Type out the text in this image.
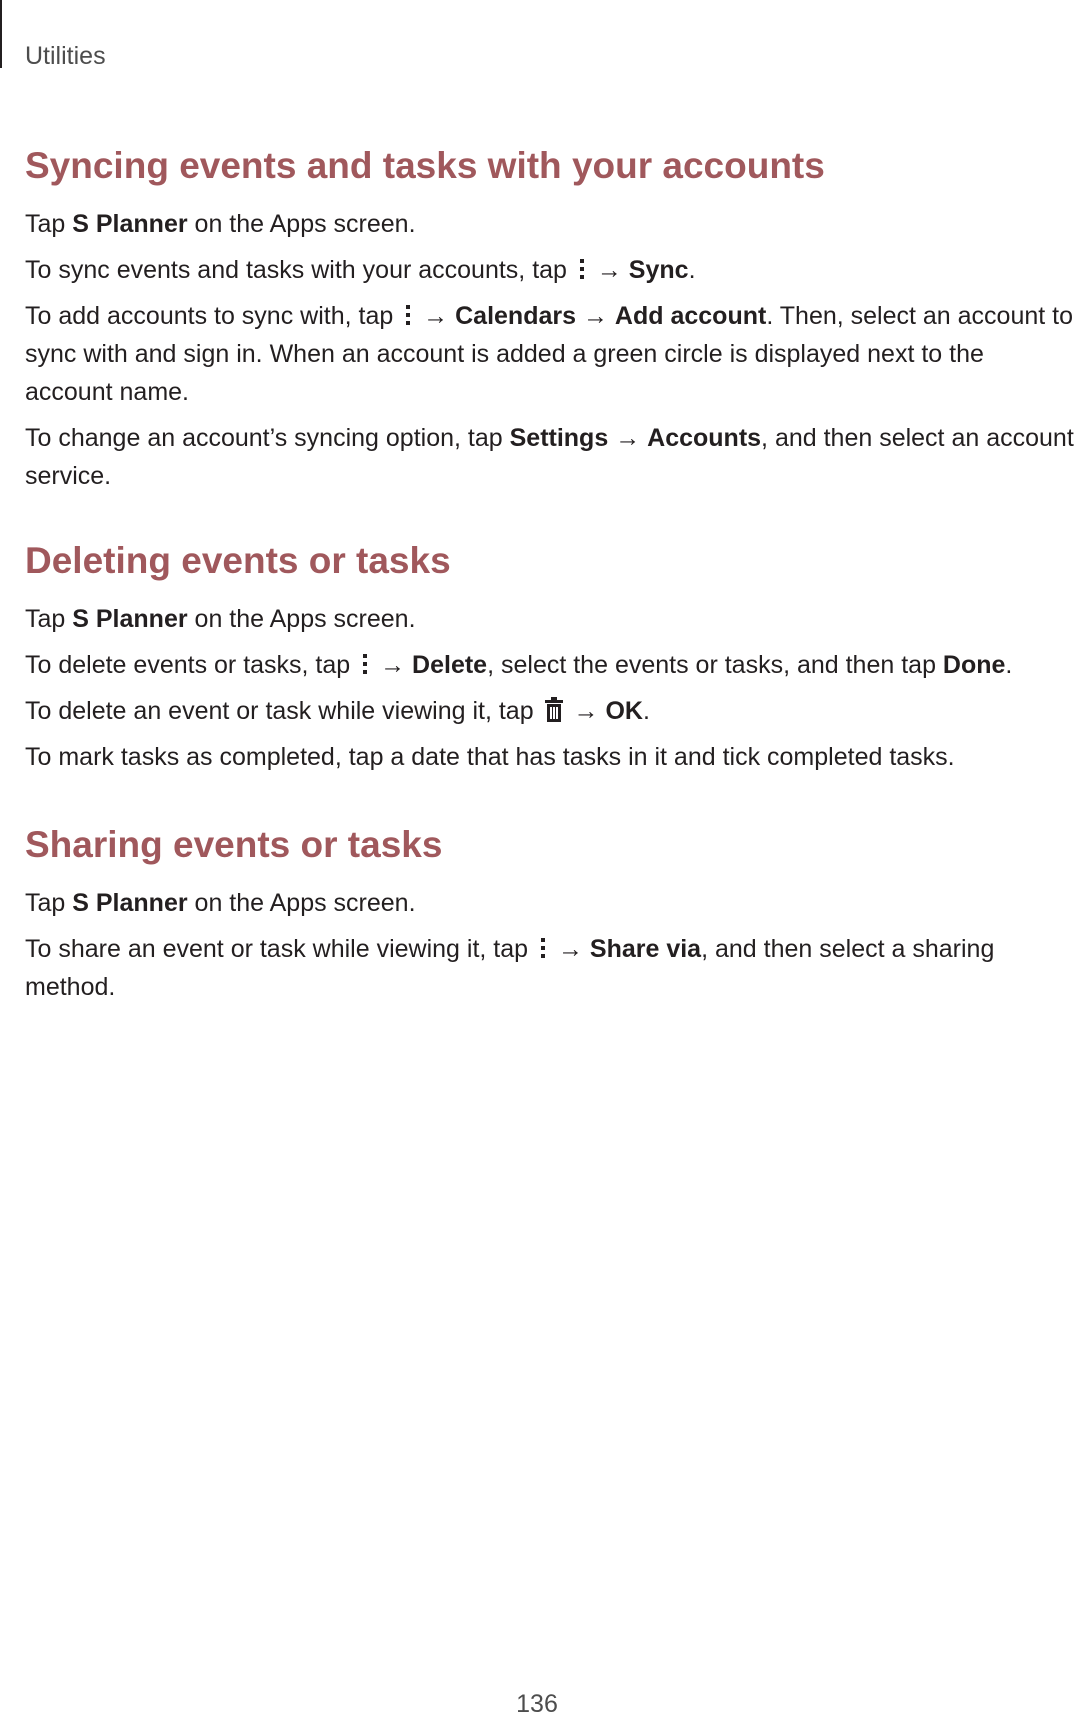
Utilities
Syncing events and tasks with your accounts

Tap S Planner on the Apps screen.

To sync events and tasks with your accounts, tap  → Sync.

To add accounts to sync with, tap  → Calendars → Add account. Then, select an account to sync with and sign in. When an account is added a green circle is displayed next to the account name.

To change an account’s syncing option, tap Settings → Accounts, and then select an account service.

Deleting events or tasks

Tap S Planner on the Apps screen.

To delete events or tasks, tap  → Delete, select the events or tasks, and then tap Done.

To delete an event or task while viewing it, tap  → OK.

To mark tasks as completed, tap a date that has tasks in it and tick completed tasks.

Sharing events or tasks

Tap S Planner on the Apps screen.

To share an event or task while viewing it, tap  → Share via, and then select a sharing method.

136
